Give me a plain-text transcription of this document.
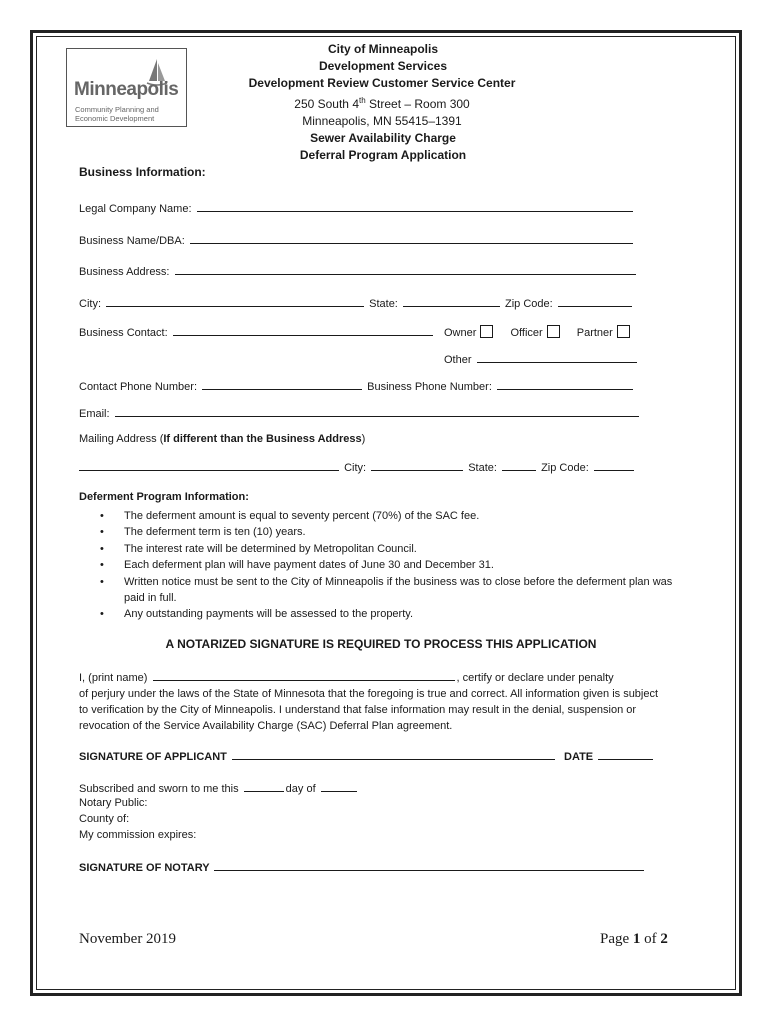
Minneapolis
Community Planning and
Economic Development
City of Minneapolis
Development Services
Development Review Customer Service Center
250 South 4th Street – Room 300
Minneapolis, MN 55415–1391
Sewer Availability Charge
Deferral Program Application
Business Information:
Legal Company Name:
Business Name/DBA:
Business Address:
City:	State:	Zip Code:
Business Contact:	Owner	Officer	Partner
Other
Contact Phone Number:	Business Phone Number:
Email:
Mailing Address (If different than the Business Address)
City:	State:	Zip Code:
Deferment Program Information:
• The deferment amount is equal to seventy percent (70%) of the SAC fee.
• The deferment term is ten (10) years.
• The interest rate will be determined by Metropolitan Council.
• Each deferment plan will have payment dates of June 30 and December 31.
• Written notice must be sent to the City of Minneapolis if the business was to close before the deferment plan was paid in full.
• Any outstanding payments will be assessed to the property.
A NOTARIZED SIGNATURE IS REQUIRED TO PROCESS THIS APPLICATION
I, (print name)	, certify or declare under penalty
of perjury under the laws of the State of Minnesota that the foregoing is true and correct. All information given is subject to verification by the City of Minneapolis. I understand that false information may result in the denial, suspension or revocation of the Service Availability Charge (SAC) Deferral Plan agreement.
SIGNATURE OF APPLICANT	DATE
Subscribed and sworn to me this	day of
Notary Public:
County of:
My commission expires:
SIGNATURE OF NOTARY
November 2019	Page 1 of 2
